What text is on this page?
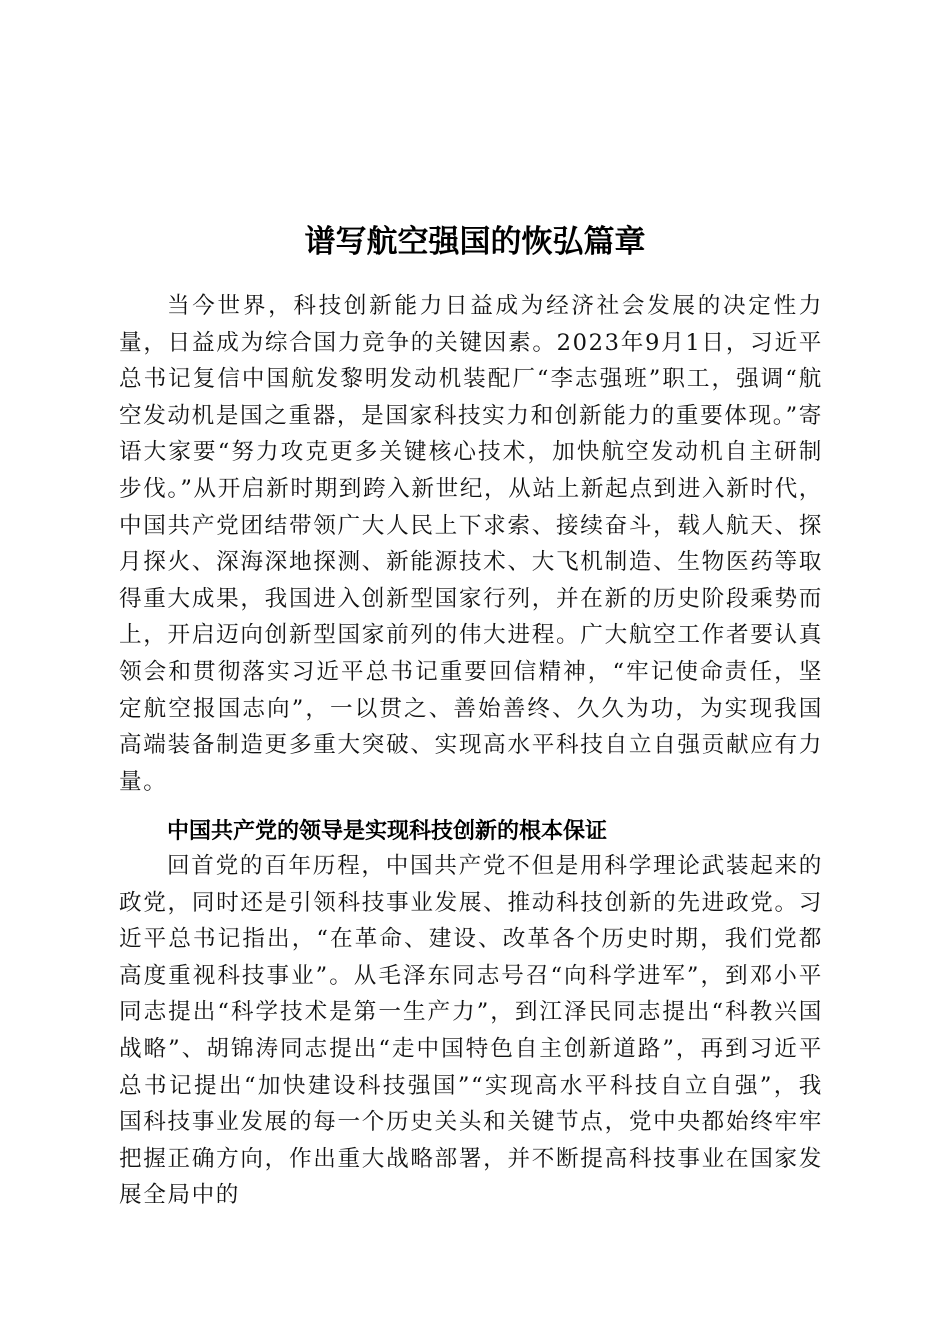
谱写航空强国的恢弘篇章

当今世界，科技创新能力日益成为经济社会发展的决定性力量，日益成为综合国力竞争的关键因素。2023年9月1日，习近平总书记复信中国航发黎明发动机装配厂“李志强班”职工，强调“航空发动机是国之重器，是国家科技实力和创新能力的重要体现。”寄语大家要“努力攻克更多关键核心技术，加快航空发动机自主研制步伐。”从开启新时期到跨入新世纪，从站上新起点到进入新时代，中国共产党团结带领广大人民上下求索、接续奋斗，载人航天、探月探火、深海深地探测、新能源技术、大飞机制造、生物医药等取得重大成果，我国进入创新型国家行列，并在新的历史阶段乘势而上，开启迈向创新型国家前列的伟大进程。广大航空工作者要认真领会和贯彻落实习近平总书记重要回信精神，“牢记使命责任，坚定航空报国志向”，一以贯之、善始善终、久久为功，为实现我国高端装备制造更多重大突破、实现高水平科技自立自强贡献应有力量。

中国共产党的领导是实现科技创新的根本保证

回首党的百年历程，中国共产党不但是用科学理论武装起来的政党，同时还是引领科技事业发展、推动科技创新的先进政党。习近平总书记指出，“在革命、建设、改革各个历史时期，我们党都高度重视科技事业”。从毛泽东同志号召“向科学进军”，到邓小平同志提出“科学技术是第一生产力”，到江泽民同志提出“科教兴国战略”、胡锦涛同志提出“走中国特色自主创新道路”，再到习近平总书记提出“加快建设科技强国”“实现高水平科技自立自强”，我国科技事业发展的每一个历史关头和关键节点，党中央都始终牢牢把握正确方向，作出重大战略部署，并不断提高科技事业在国家发展全局中的
